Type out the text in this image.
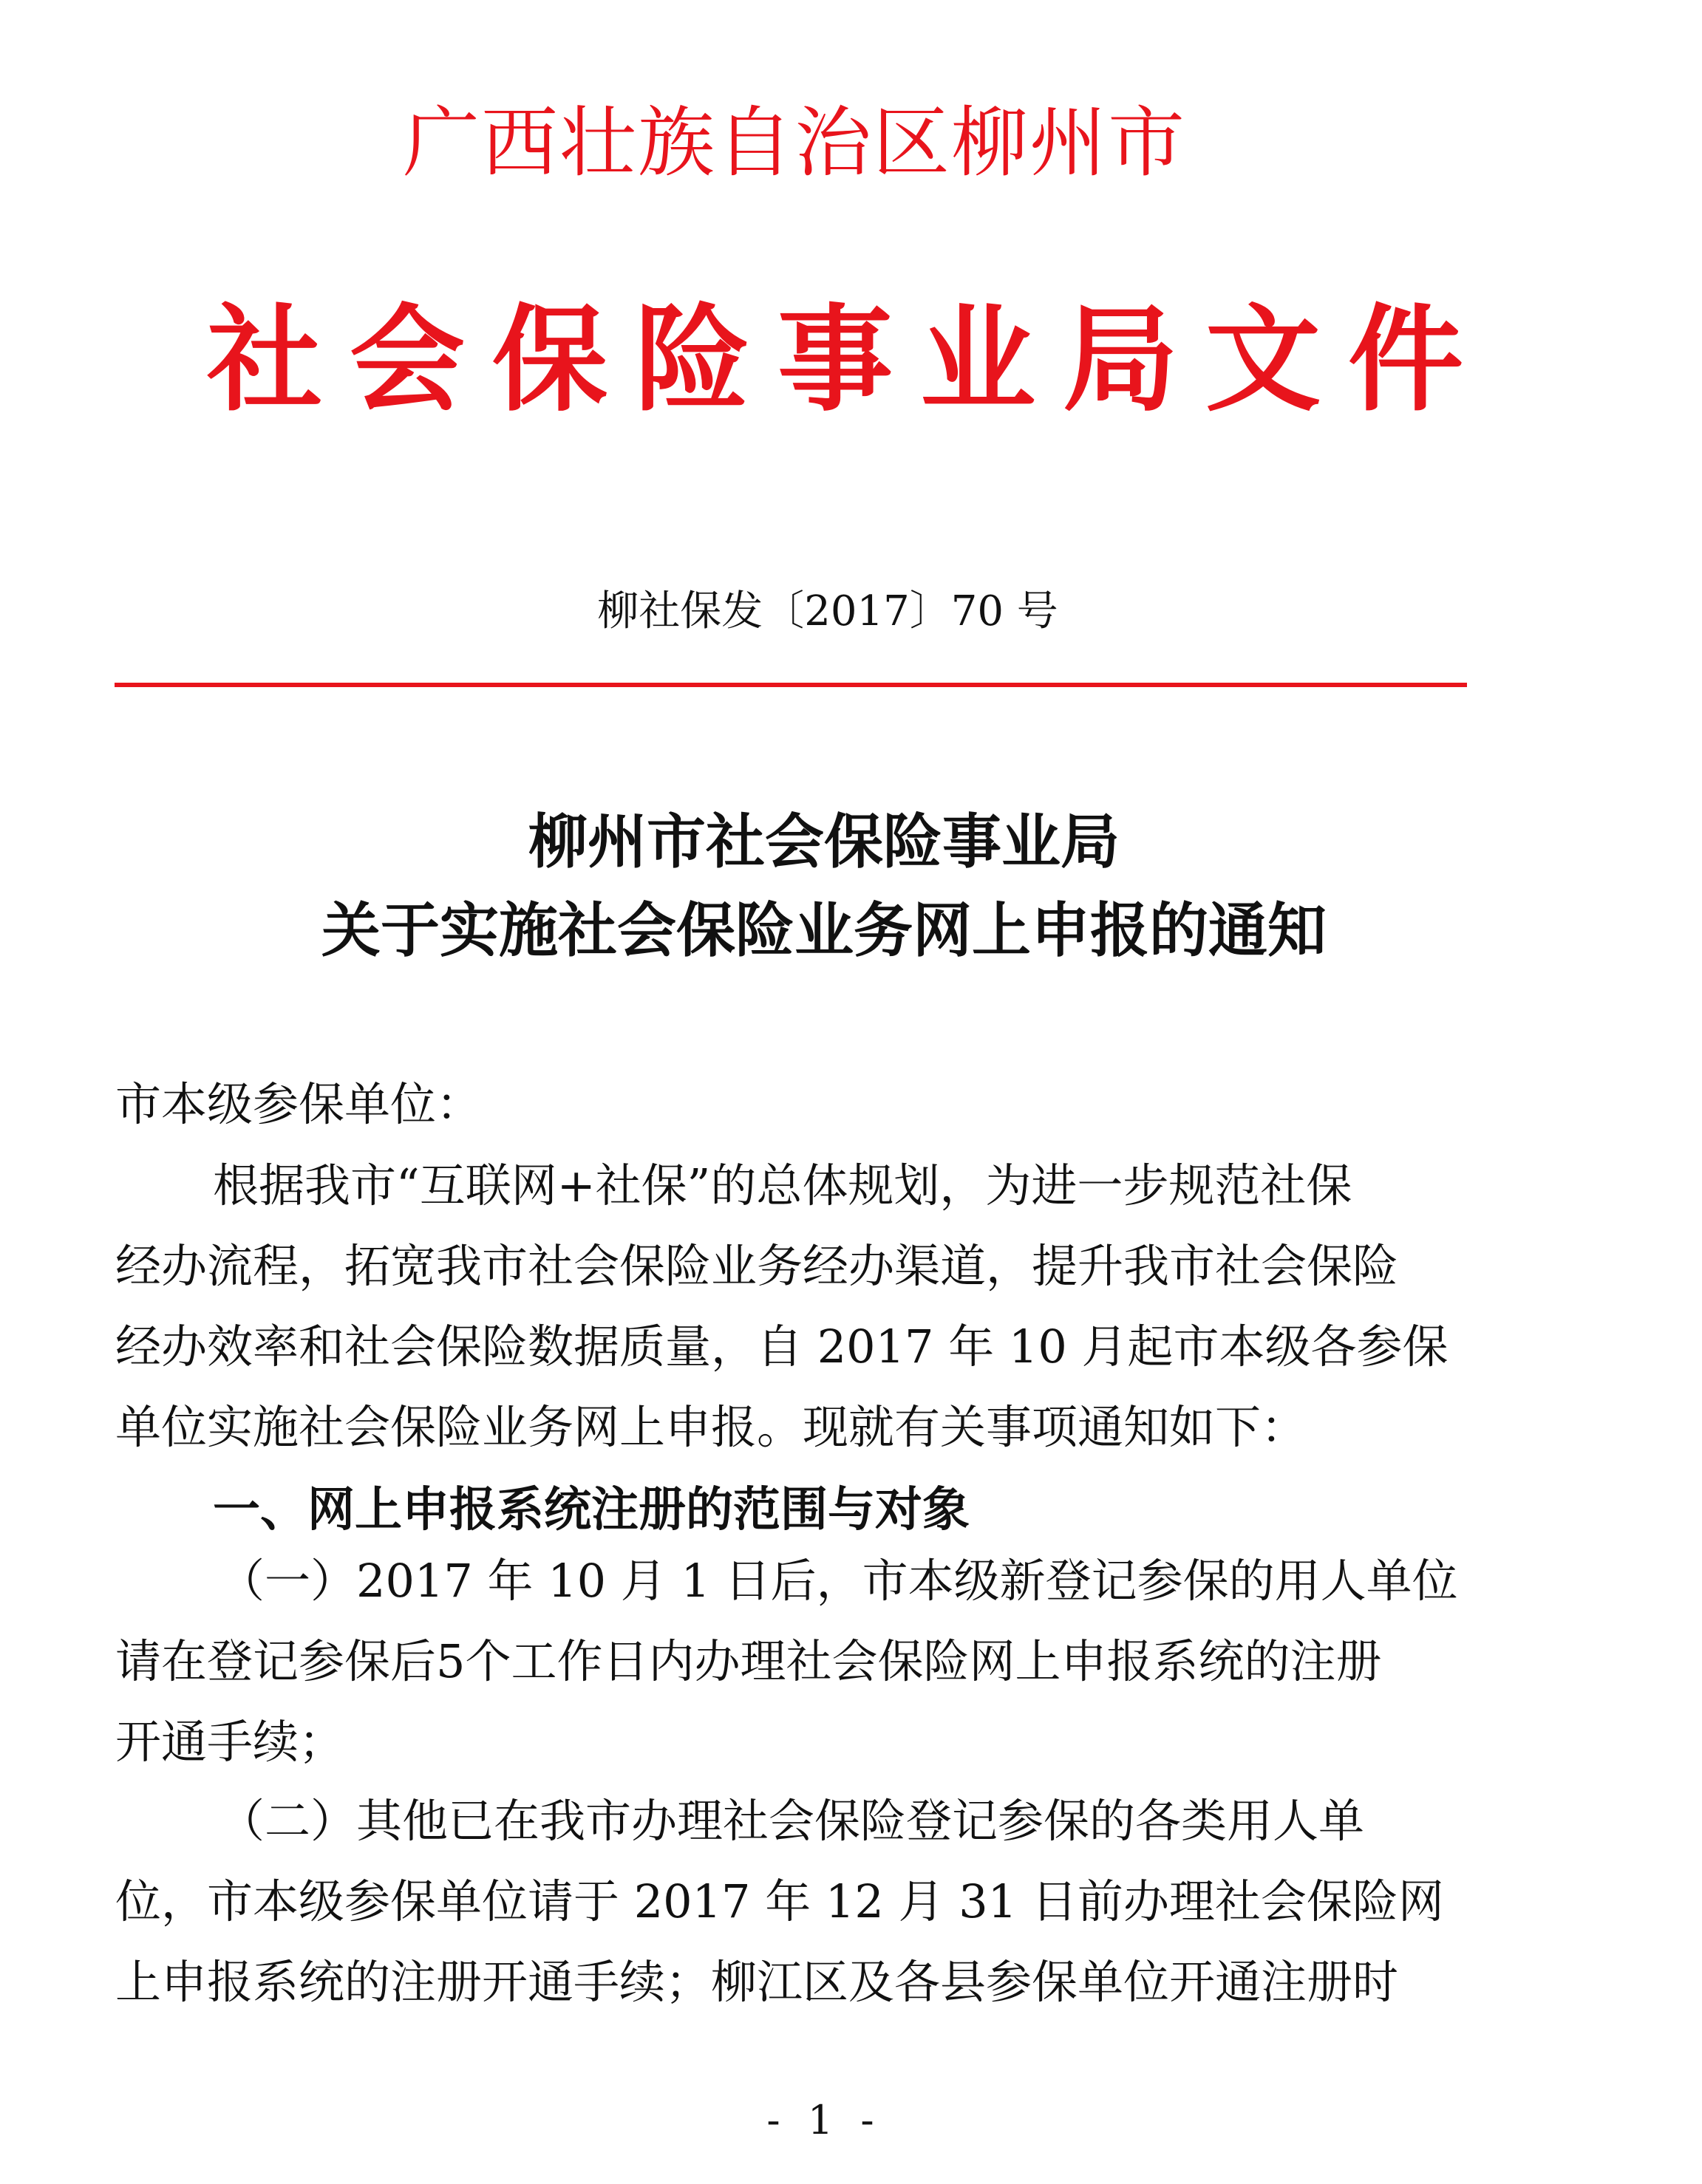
广西壮族自治区柳州市
社 会 保 险 事 业 局 文 件
柳社保发〔2017〕70 号
柳州市社会保险事业局
关于实施社会保险业务网上申报的通知

市本级参保单位：

根据我市“互联网+社保”的总体规划，为进一步规范社保

经办流程，拓宽我市社会保险业务经办渠道，提升我市社会保险

经办效率和社会保险数据质量，自 2017 年 10 月起市本级各参保

单位实施社会保险业务网上申报。现就有关事项通知如下：

一、网上申报系统注册的范围与对象

（一）2017 年 10 月 1 日后，市本级新登记参保的用人单位

请在登记参保后5个工作日内办理社会保险网上申报系统的注册

开通手续；

（二）其他已在我市办理社会保险登记参保的各类用人单

位，市本级参保单位请于 2017 年 12 月 31 日前办理社会保险网

上申报系统的注册开通手续；柳江区及各县参保单位开通注册时

- 1 -
